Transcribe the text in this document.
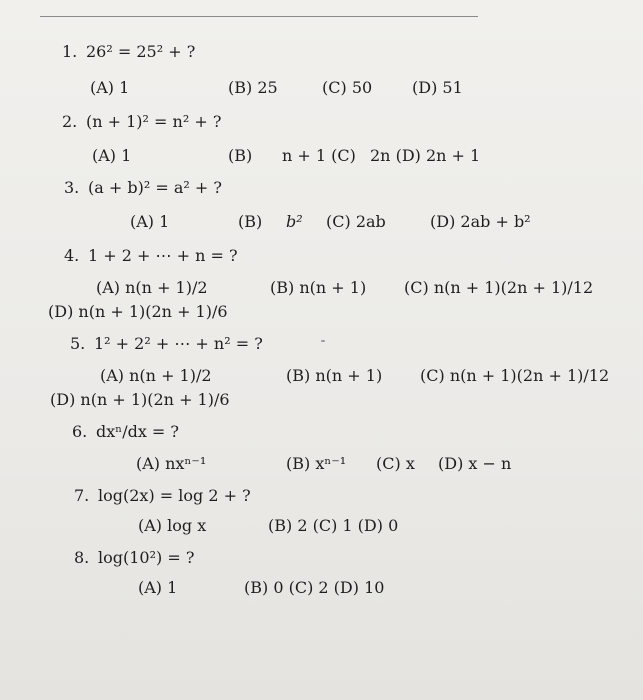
1. 26² = 25² + ?
(A) 1	(B) 25	(C) 50 (D) 51
2. (n + 1)² = n² + ?
(A) 1	(B) n + 1 (C) 2n (D) 2n + 1
3. (a + b)² = a² + ?
(A) 1	(B) b² (C) 2ab	(D) 2ab + b²
4. 1 + 2 + ⋯ + n = ?
(A) n(n + 1)/2	(B) n(n + 1) (C) n(n + 1)(2n + 1)/12
(D) n(n + 1)(2n + 1)/6
5. 1² + 2² + ⋯ + n² = ?
(A) n(n + 1)/2	(B) n(n + 1) (C) n(n + 1)(2n + 1)/12
(D) n(n + 1)(2n + 1)/6
6. dxⁿ/dx = ?
(A) nxⁿ⁻¹	(B) xⁿ⁻¹ (C) x (D) x − n
7. log(2x) = log 2 + ?
(A) log x	(B) 2 (C) 1 (D) 0
8. log(10²) = ?
(A) 1	(B) 0 (C) 2 (D) 10
